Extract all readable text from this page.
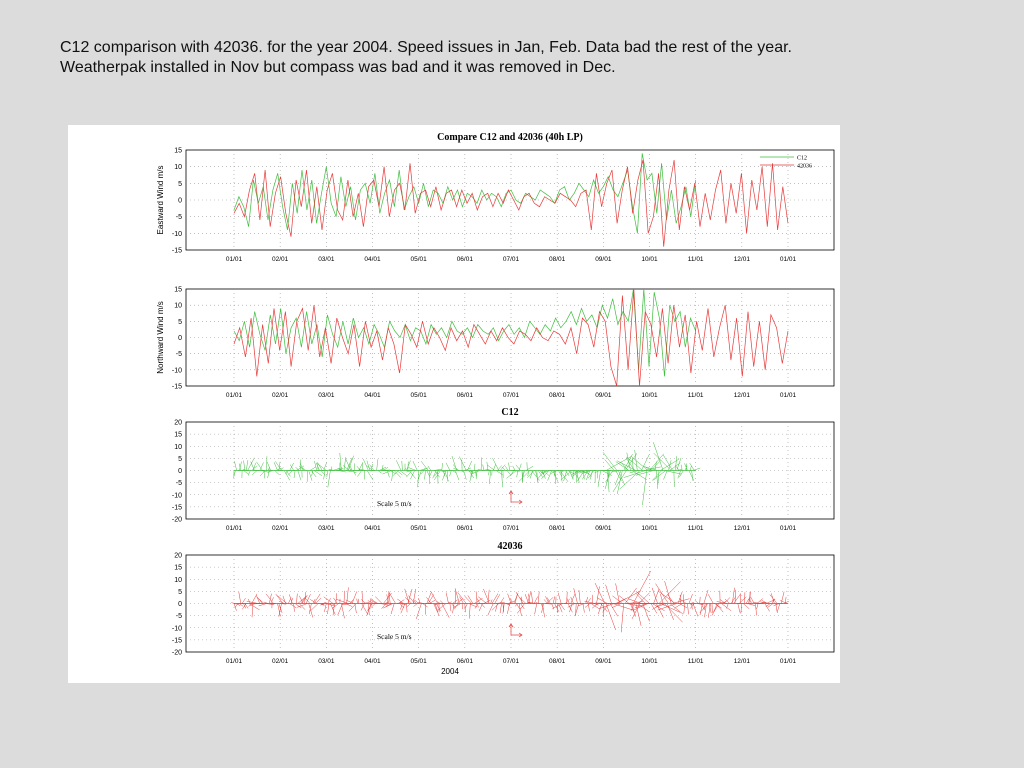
C12 comparison with 42036. for the year 2004. Speed issues in Jan, Feb. Data bad the rest of the year.
Weatherpak installed in Nov but compass was bad and it was removed in Dec.
15
10
5
0
-5
-10
-15
01/01	02/01	03/01	04/01	05/01	06/01	07/01	08/01	09/01	10/01	11/01	12/01	01/01
Compare C12 and 42036 (40h LP)
Eastward Wind m/s
C12
42036
15
10
5
0
-5
-10
-15
01/01	02/01	03/01	04/01	05/01	06/01	07/01	08/01	09/01	10/01	11/01	12/01	01/01
Northward Wind m/s
20
15
10
5
0
-5
-10
-15
-20
01/01	02/01	03/01	04/01	05/01	06/01	07/01	08/01	09/01	10/01	11/01	12/01	01/01
C12
Scale 5 m/s
20
15
10
5
0
-5
-10
-15
-20
01/01	02/01	03/01	04/01	05/01	06/01	07/01	08/01	09/01	10/01	11/01	12/01	01/01
42036
2004
Scale 5 m/s
